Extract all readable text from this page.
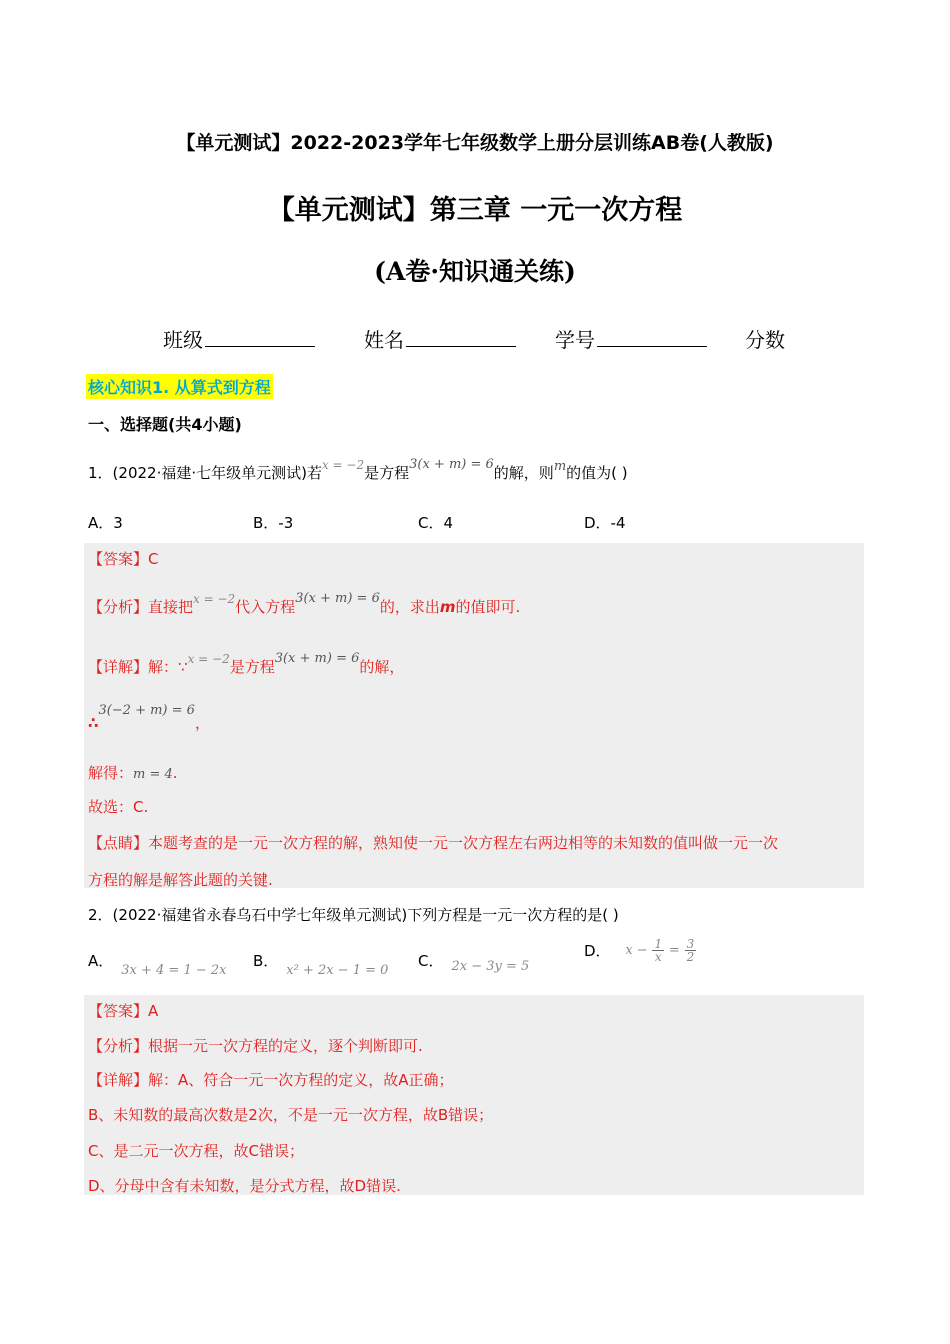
【单元测试】2022-2023学年七年级数学上册分层训练AB卷(人教版)
【单元测试】第三章 一元一次方程
(A卷·知识通关练)
班级	姓名	学号	分数
核心知识1. 从算式到方程
一、选择题(共4小题)
1．(2022·福建·七年级单元测试)若$^{x = -2}$是方程3(x + m) = 6的解，则m的值为( )
A．3	B．-3	C．4	D．-4
【答案】C
【分析】直接把$^{x = -2}$代入方程3(x + m) = 6的，求出m的值即可.
【详解】解：∵$^{x = -2}$是方程3(x + m) = 6的解，
∴3(−2 + m) = 6，
解得：m = 4.
故选：C.
【点睛】本题考查的是一元一次方程的解，熟知使一元一次方程左右两边相等的未知数的值叫做一元一次
方程的解是解答此题的关键.
2．(2022·福建省永春乌石中学七年级单元测试)下列方程是一元一次方程的是( )
A．3x + 4 = 1 − 2x
B．x² + 2x − 1 = 0
C． 2x − 3y = 5
D． $x - \frac{1}{x} = \frac{3}{2}$
【答案】A
【分析】根据一元一次方程的定义，逐个判断即可.
【详解】解：A、符合一元一次方程的定义，故A正确；
B、未知数的最高次数是2次，不是一元一次方程，故B错误；
C、是二元一次方程，故C错误；
D、分母中含有未知数，是分式方程，故D错误.
